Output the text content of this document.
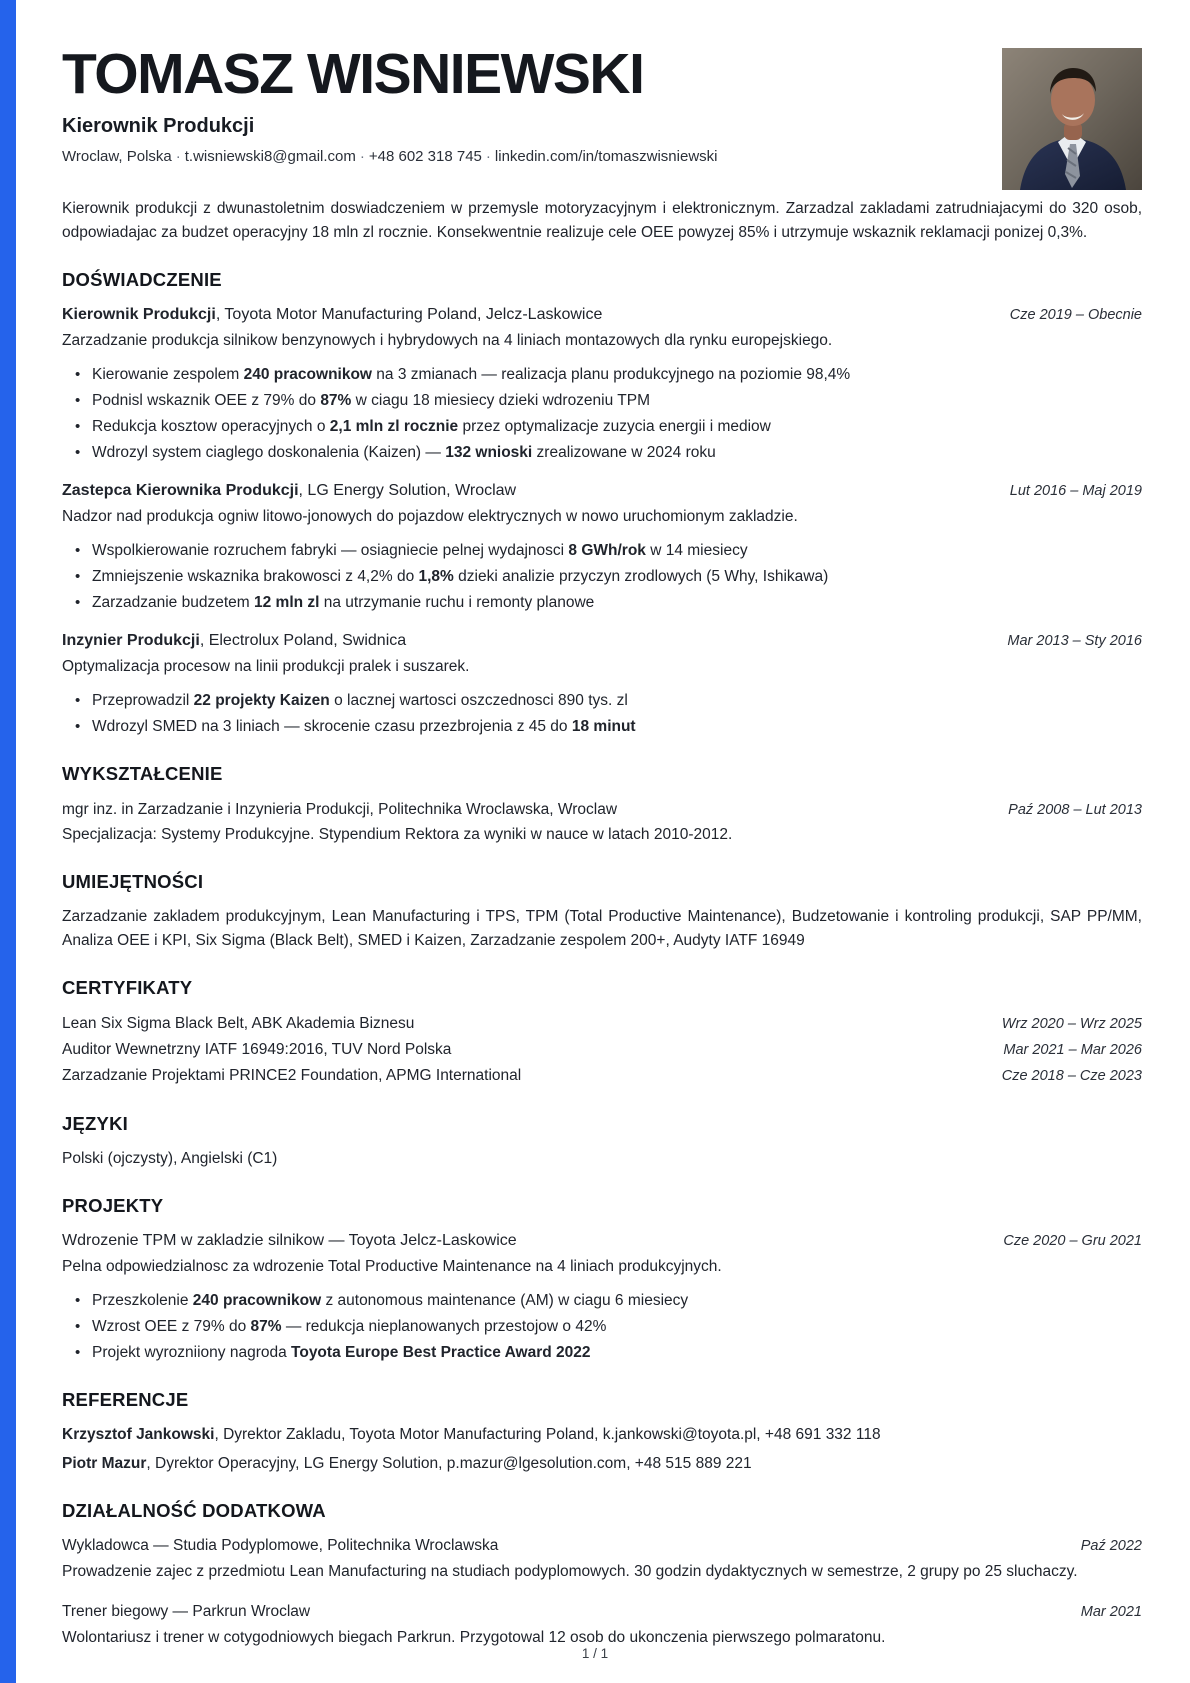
TOMASZ WISNIEWSKI
Kierownik Produkcji
Wroclaw, Polska · t.wisniewski8@gmail.com · +48 602 318 745 · linkedin.com/in/tomaszwisniewski

Kierownik produkcji z dwunastoletnim doswiadczeniem w przemysle motoryzacyjnym i elektronicznym. Zarzadzal zakladami zatrudniajacymi do 320 osob, odpowiadajac za budzet operacyjny 18 mln zl rocznie. Konsekwentnie realizuje cele OEE powyzej 85% i utrzymuje wskaznik reklamacji ponizej 0,3%.

DOŚWIADCZENIE
Kierownik Produkcji, Toyota Motor Manufacturing Poland, Jelcz-Laskowice	Cze 2019 – Obecnie
Zarzadzanie produkcja silnikow benzynowych i hybrydowych na 4 liniach montazowych dla rynku europejskiego.
• Kierowanie zespolem 240 pracownikow na 3 zmianach — realizacja planu produkcyjnego na poziomie 98,4%
• Podnisl wskaznik OEE z 79% do 87% w ciagu 18 miesiecy dzieki wdrozeniu TPM
• Redukcja kosztow operacyjnych o 2,1 mln zl rocznie przez optymalizacje zuzycia energii i mediow
• Wdrozyl system ciaglego doskonalenia (Kaizen) — 132 wnioski zrealizowane w 2024 roku
Zastepca Kierownika Produkcji, LG Energy Solution, Wroclaw	Lut 2016 – Maj 2019
Nadzor nad produkcja ogniw litowo-jonowych do pojazdow elektrycznych w nowo uruchomionym zakladzie.
• Wspolkierowanie rozruchem fabryki — osiagniecie pelnej wydajnosci 8 GWh/rok w 14 miesiecy
• Zmniejszenie wskaznika brakowosci z 4,2% do 1,8% dzieki analizie przyczyn zrodlowych (5 Why, Ishikawa)
• Zarzadzanie budzetem 12 mln zl na utrzymanie ruchu i remonty planowe
Inzynier Produkcji, Electrolux Poland, Swidnica	Mar 2013 – Sty 2016
Optymalizacja procesow na linii produkcji pralek i suszarek.
• Przeprowadzil 22 projekty Kaizen o lacznej wartosci oszczednosci 890 tys. zl
• Wdrozyl SMED na 3 liniach — skrocenie czasu przezbrojenia z 45 do 18 minut
WYKSZTAŁCENIE
mgr inz. in Zarzadzanie i Inzynieria Produkcji, Politechnika Wroclawska, Wroclaw	Paź 2008 – Lut 2013
Specjalizacja: Systemy Produkcyjne. Stypendium Rektora za wyniki w nauce w latach 2010-2012.
UMIEJĘTNOŚCI

Zarzadzanie zakladem produkcyjnym, Lean Manufacturing i TPS, TPM (Total Productive Maintenance), Budzetowanie i kontroling produkcji, SAP PP/MM, Analiza OEE i KPI, Six Sigma (Black Belt), SMED i Kaizen, Zarzadzanie zespolem 200+, Audyty IATF 16949

CERTYFIKATY
Lean Six Sigma Black Belt, ABK Akademia Biznesu	Wrz 2020 – Wrz 2025
Auditor Wewnetrzny IATF 16949:2016, TUV Nord Polska	Mar 2021 – Mar 2026
Zarzadzanie Projektami PRINCE2 Foundation, APMG International	Cze 2018 – Cze 2023
JĘZYKI
Polski (ojczysty), Angielski (C1)
PROJEKTY
Wdrozenie TPM w zakladzie silnikow — Toyota Jelcz-Laskowice	Cze 2020 – Gru 2021
Pelna odpowiedzialnosc za wdrozenie Total Productive Maintenance na 4 liniach produkcyjnych.
• Przeszkolenie 240 pracownikow z autonomous maintenance (AM) w ciagu 6 miesiecy
• Wzrost OEE z 79% do 87% — redukcja nieplanowanych przestojow o 42%
• Projekt wyrozniiony nagroda Toyota Europe Best Practice Award 2022
REFERENCJE
Krzysztof Jankowski, Dyrektor Zakladu, Toyota Motor Manufacturing Poland, k.jankowski@toyota.pl, +48 691 332 118
Piotr Mazur, Dyrektor Operacyjny, LG Energy Solution, p.mazur@lgesolution.com, +48 515 889 221
DZIAŁALNOŚĆ DODATKOWA
Wykladowca — Studia Podyplomowe, Politechnika Wroclawska	Paź 2022
Prowadzenie zajec z przedmiotu Lean Manufacturing na studiach podyplomowych. 30 godzin dydaktycznych w semestrze, 2 grupy po 25 sluchaczy.
Trener biegowy — Parkrun Wroclaw	Mar 2021
Wolontariusz i trener w cotygodniowych biegach Parkrun. Przygotowal 12 osob do ukonczenia pierwszego polmaratonu.
1 / 1
